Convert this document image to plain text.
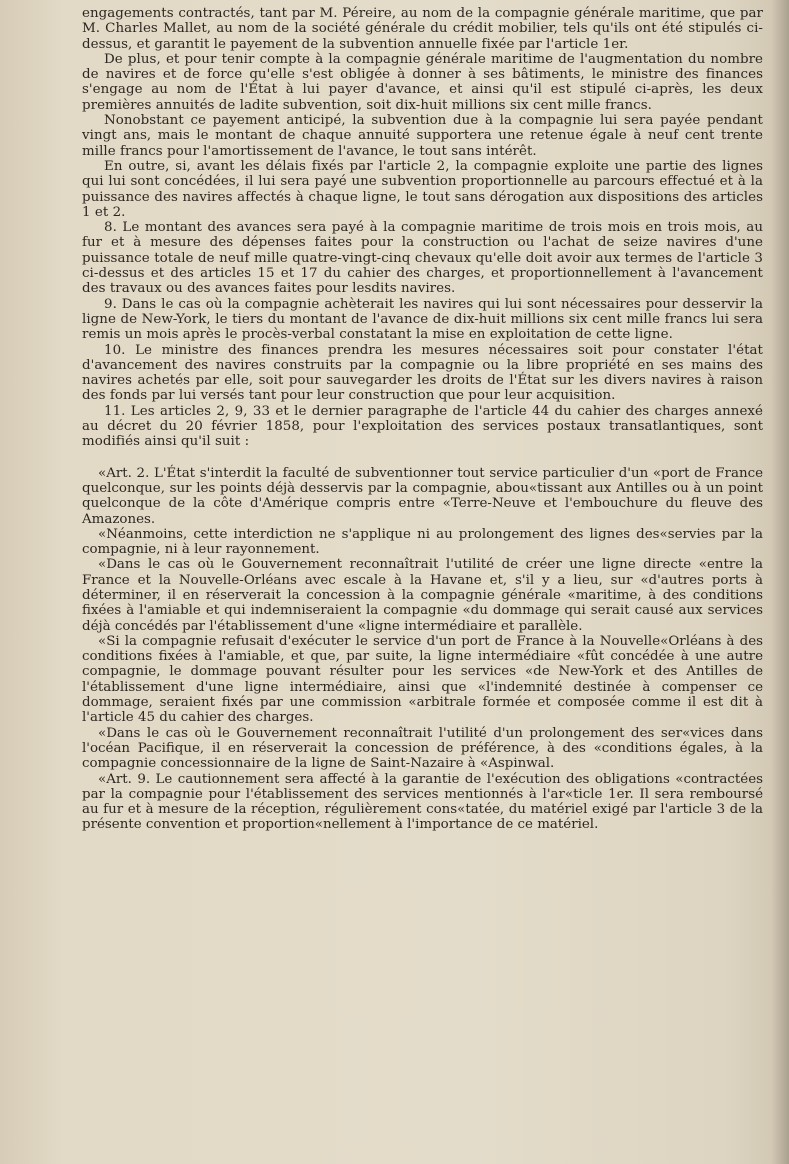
engagements contractés, tant par M. Péreire, au nom de la compagnie générale maritime, que par M. Charles Mallet, au nom de la société générale du crédit mobilier, tels qu'ils ont été stipulés ci-dessus, et garantit le payement de la subvention annuelle fixée par l'article 1er.

De plus, et pour tenir compte à la compagnie générale maritime de l'augmentation du nombre de navires et de force qu'elle s'est obligée à donner à ses bâtiments, le ministre des finances s'engage au nom de l'État à lui payer d'avance, et ainsi qu'il est stipulé ci-après, les deux premières annuités de ladite subvention, soit dix-huit millions six cent mille francs.

Nonobstant ce payement anticipé, la subvention due à la compagnie lui sera payée pendant vingt ans, mais le montant de chaque annuité supportera une retenue égale à neuf cent trente mille francs pour l'amortissement de l'avance, le tout sans intérêt.

En outre, si, avant les délais fixés par l'article 2, la compagnie exploite une partie des lignes qui lui sont concédées, il lui sera payé une subvention proportionnelle au parcours effectué et à la puissance des navires affectés à chaque ligne, le tout sans dérogation aux dispositions des articles 1 et 2.

8. Le montant des avances sera payé à la compagnie maritime de trois mois en trois mois, au fur et à mesure des dépenses faites pour la construction ou l'achat de seize navires d'une puissance totale de neuf mille quatre-vingt-cinq chevaux qu'elle doit avoir aux termes de l'article 3 ci-dessus et des articles 15 et 17 du cahier des charges, et proportionnellement à l'avancement des travaux ou des avances faites pour lesdits navires.

9. Dans le cas où la compagnie achèterait les navires qui lui sont nécessaires pour desservir la ligne de New-York, le tiers du montant de l'avance de dix-huit millions six cent mille francs lui sera remis un mois après le procès-verbal constatant la mise en exploitation de cette ligne.

10. Le ministre des finances prendra les mesures nécessaires soit pour constater l'état d'avancement des navires construits par la compagnie ou la libre propriété en ses mains des navires achetés par elle, soit pour sauvegarder les droits de l'État sur les divers navires à raison des fonds par lui versés tant pour leur construction que pour leur acquisition.

11. Les articles 2, 9, 33 et le dernier paragraphe de l'article 44 du cahier des charges annexé au décret du 20 février 1858, pour l'exploitation des services postaux transatlantiques, sont modifiés ainsi qu'il suit :

«Art. 2. L'État s'interdit la faculté de subventionner tout service particulier d'un «port de France quelconque, sur les points déjà desservis par la compagnie, abou«tissant aux Antilles ou à un point quelconque de la côte d'Amérique compris entre «Terre-Neuve et l'embouchure du fleuve des Amazones.

«Néanmoins, cette interdiction ne s'applique ni au prolongement des lignes des«servies par la compagnie, ni à leur rayonnement.

«Dans le cas où le Gouvernement reconnaîtrait l'utilité de créer une ligne directe «entre la France et la Nouvelle-Orléans avec escale à la Havane et, s'il y a lieu, sur «d'autres ports à déterminer, il en réserverait la concession à la compagnie générale «maritime, à des conditions fixées à l'amiable et qui indemniseraient la compagnie «du dommage qui serait causé aux services déjà concédés par l'établissement d'une «ligne intermédiaire et parallèle.

«Si la compagnie refusait d'exécuter le service d'un port de France à la Nouvelle«Orléans à des conditions fixées à l'amiable, et que, par suite, la ligne intermédiaire «fût concédée à une autre compagnie, le dommage pouvant résulter pour les services «de New-York et des Antilles de l'établissement d'une ligne intermédiaire, ainsi que «l'indemnité destinée à compenser ce dommage, seraient fixés par une commission «arbitrale formée et composée comme il est dit à l'article 45 du cahier des charges.

«Dans le cas où le Gouvernement reconnaîtrait l'utilité d'un prolongement des ser«vices dans l'océan Pacifique, il en réserverait la concession de préférence, à des «conditions égales, à la compagnie concessionnaire de la ligne de Saint-Nazaire à «Aspinwal.

«Art. 9. Le cautionnement sera affecté à la garantie de l'exécution des obligations «contractées par la compagnie pour l'établissement des services mentionnés à l'ar«ticle 1er. Il sera remboursé au fur et à mesure de la réception, régulièrement cons«tatée, du matériel exigé par l'article 3 de la présente convention et proportion«nellement à l'importance de ce matériel.
